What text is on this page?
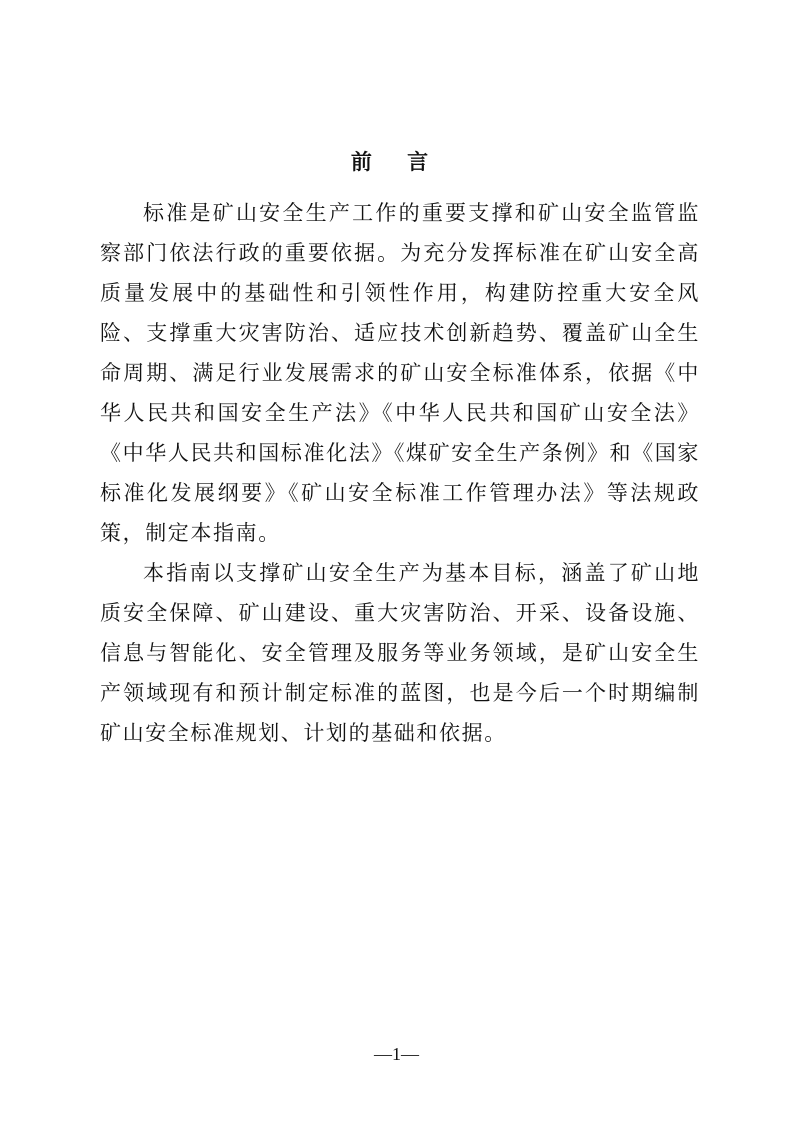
前 言

标准是矿山安全生产工作的重要支撑和矿山安全监管监察部门依法行政的重要依据。为充分发挥标准在矿山安全高质量发展中的基础性和引领性作用，构建防控重大安全风险、支撑重大灾害防治、适应技术创新趋势、覆盖矿山全生命周期、满足行业发展需求的矿山安全标准体系，依据《中华人民共和国安全生产法》《中华人民共和国矿山安全法》《中华人民共和国标准化法》《煤矿安全生产条例》和《国家标准化发展纲要》《矿山安全标准工作管理办法》等法规政策，制定本指南。

本指南以支撑矿山安全生产为基本目标，涵盖了矿山地质安全保障、矿山建设、重大灾害防治、开采、设备设施、信息与智能化、安全管理及服务等业务领域，是矿山安全生产领域现有和预计制定标准的蓝图，也是今后一个时期编制矿山安全标准规划、计划的基础和依据。

—1—
